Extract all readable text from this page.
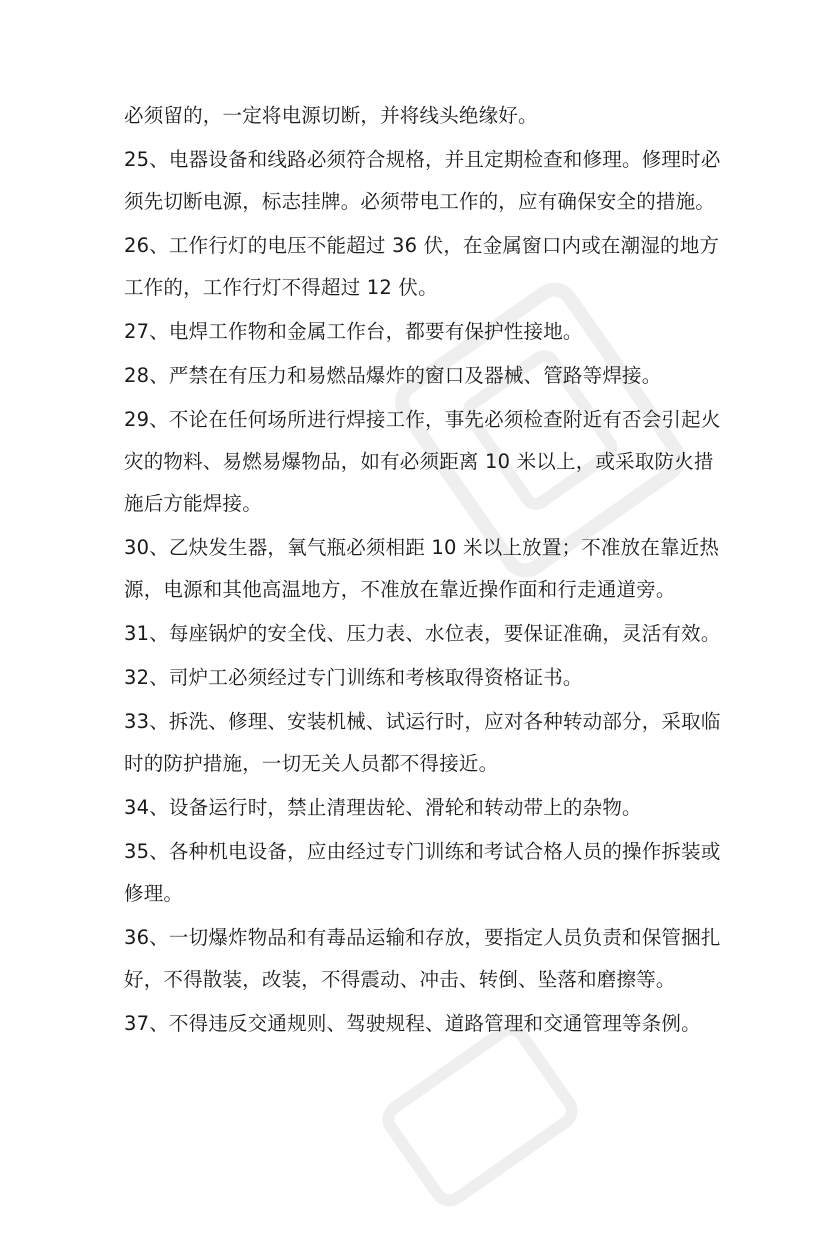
必须留的，一定将电源切断，并将线头绝缘好。
25、电器设备和线路必须符合规格，并且定期检查和修理。修理时必
须先切断电源，标志挂牌。必须带电工作的，应有确保安全的措施。
26、工作行灯的电压不能超过 36 伏，在金属窗口内或在潮湿的地方
工作的，工作行灯不得超过 12 伏。
27、电焊工作物和金属工作台，都要有保护性接地。
28、严禁在有压力和易燃品爆炸的窗口及器械、管路等焊接。
29、不论在任何场所进行焊接工作，事先必须检查附近有否会引起火
灾的物料、易燃易爆物品，如有必须距离 10 米以上，或采取防火措
施后方能焊接。
30、乙炔发生器，氧气瓶必须相距 10 米以上放置；不准放在靠近热
源，电源和其他高温地方，不准放在靠近操作面和行走通道旁。
31、每座锅炉的安全伐、压力表、水位表，要保证准确，灵活有效。
32、司炉工必须经过专门训练和考核取得资格证书。
33、拆洗、修理、安装机械、试运行时，应对各种转动部分，采取临
时的防护措施，一切无关人员都不得接近。
34、设备运行时，禁止清理齿轮、滑轮和转动带上的杂物。
35、各种机电设备，应由经过专门训练和考试合格人员的操作拆装或
修理。
36、一切爆炸物品和有毒品运输和存放，要指定人员负责和保管捆扎
好，不得散装，改装，不得震动、冲击、转倒、坠落和磨擦等。
37、不得违反交通规则、驾驶规程、道路管理和交通管理等条例。
